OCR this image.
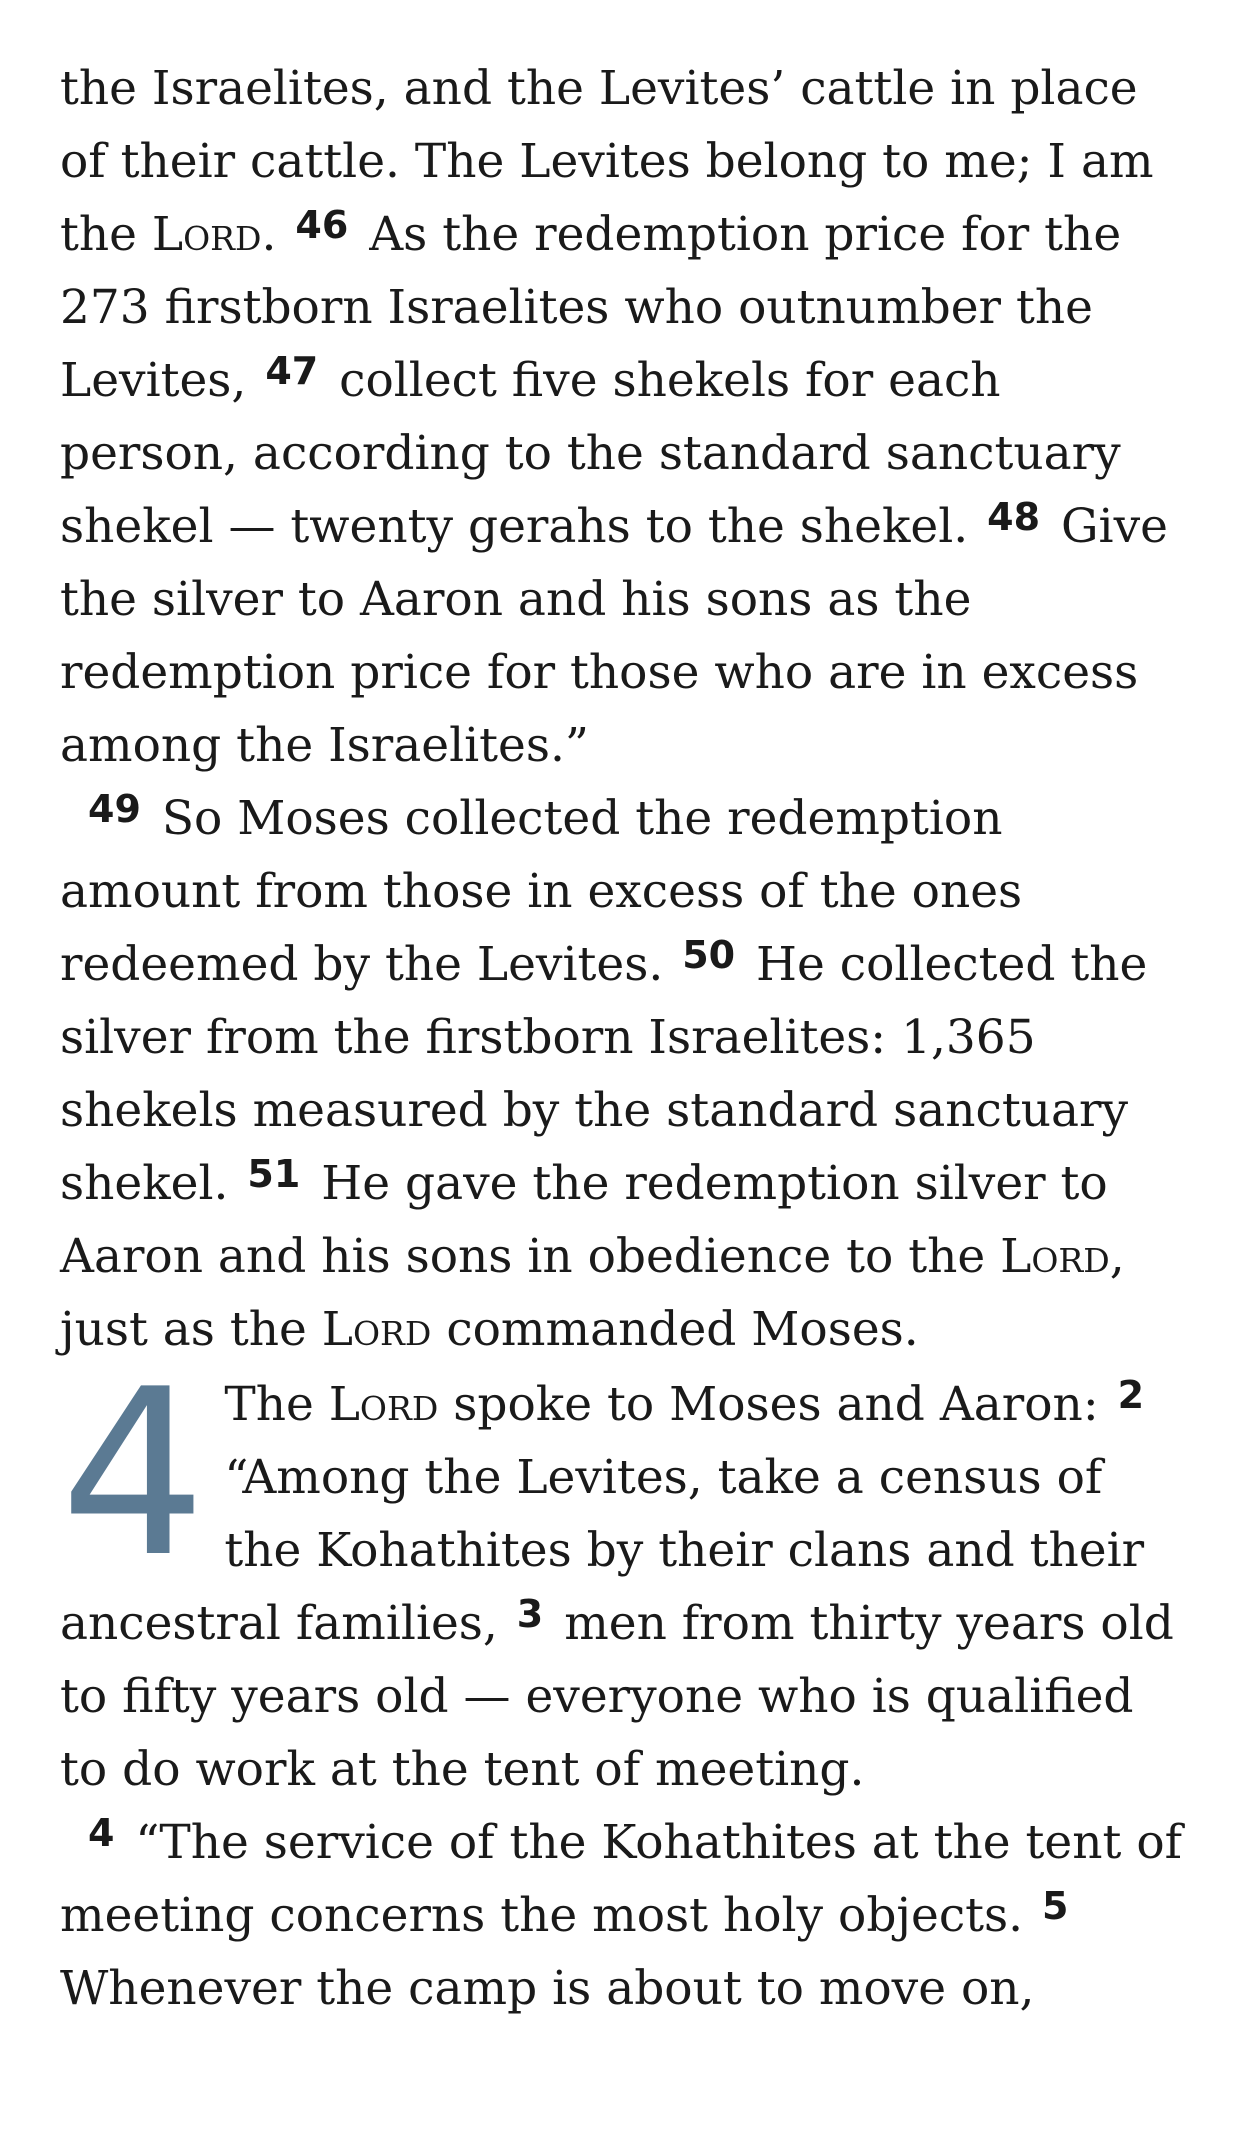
the Israelites, and the Levites’ cattle in place of their cattle. The Levites belong to me; I am the Lord. $^{46}$ As the redemption price for the 273 firstborn Israelites who outnumber the Levites, $^{47}$ collect five shekels for each person, according to the standard sanctuary shekel — twenty gerahs to the shekel. $^{48}$ Give the silver to Aaron and his sons as the redemption price for those who are in excess among the Israelites.”

$^{49}$ So Moses collected the redemption amount from those in excess of the ones redeemed by the Levites. $^{50}$ He collected the silver from the firstborn Israelites: 1,365 shekels measured by the standard sanctuary shekel. $^{51}$ He gave the redemption silver to Aaron and his sons in obedience to the Lord, just as the Lord commanded Moses.

4 The Lord spoke to Moses and Aaron: $^2$ “Among the Levites, take a census of the Kohathites by their clans and their ancestral families, $^3$ men from thirty years old to fifty years old — everyone who is qualified to do work at the tent of meeting.

$^4$ “The service of the Kohathites at the tent of meeting concerns the most holy objects. $^5$ Whenever the camp is about to move on,
